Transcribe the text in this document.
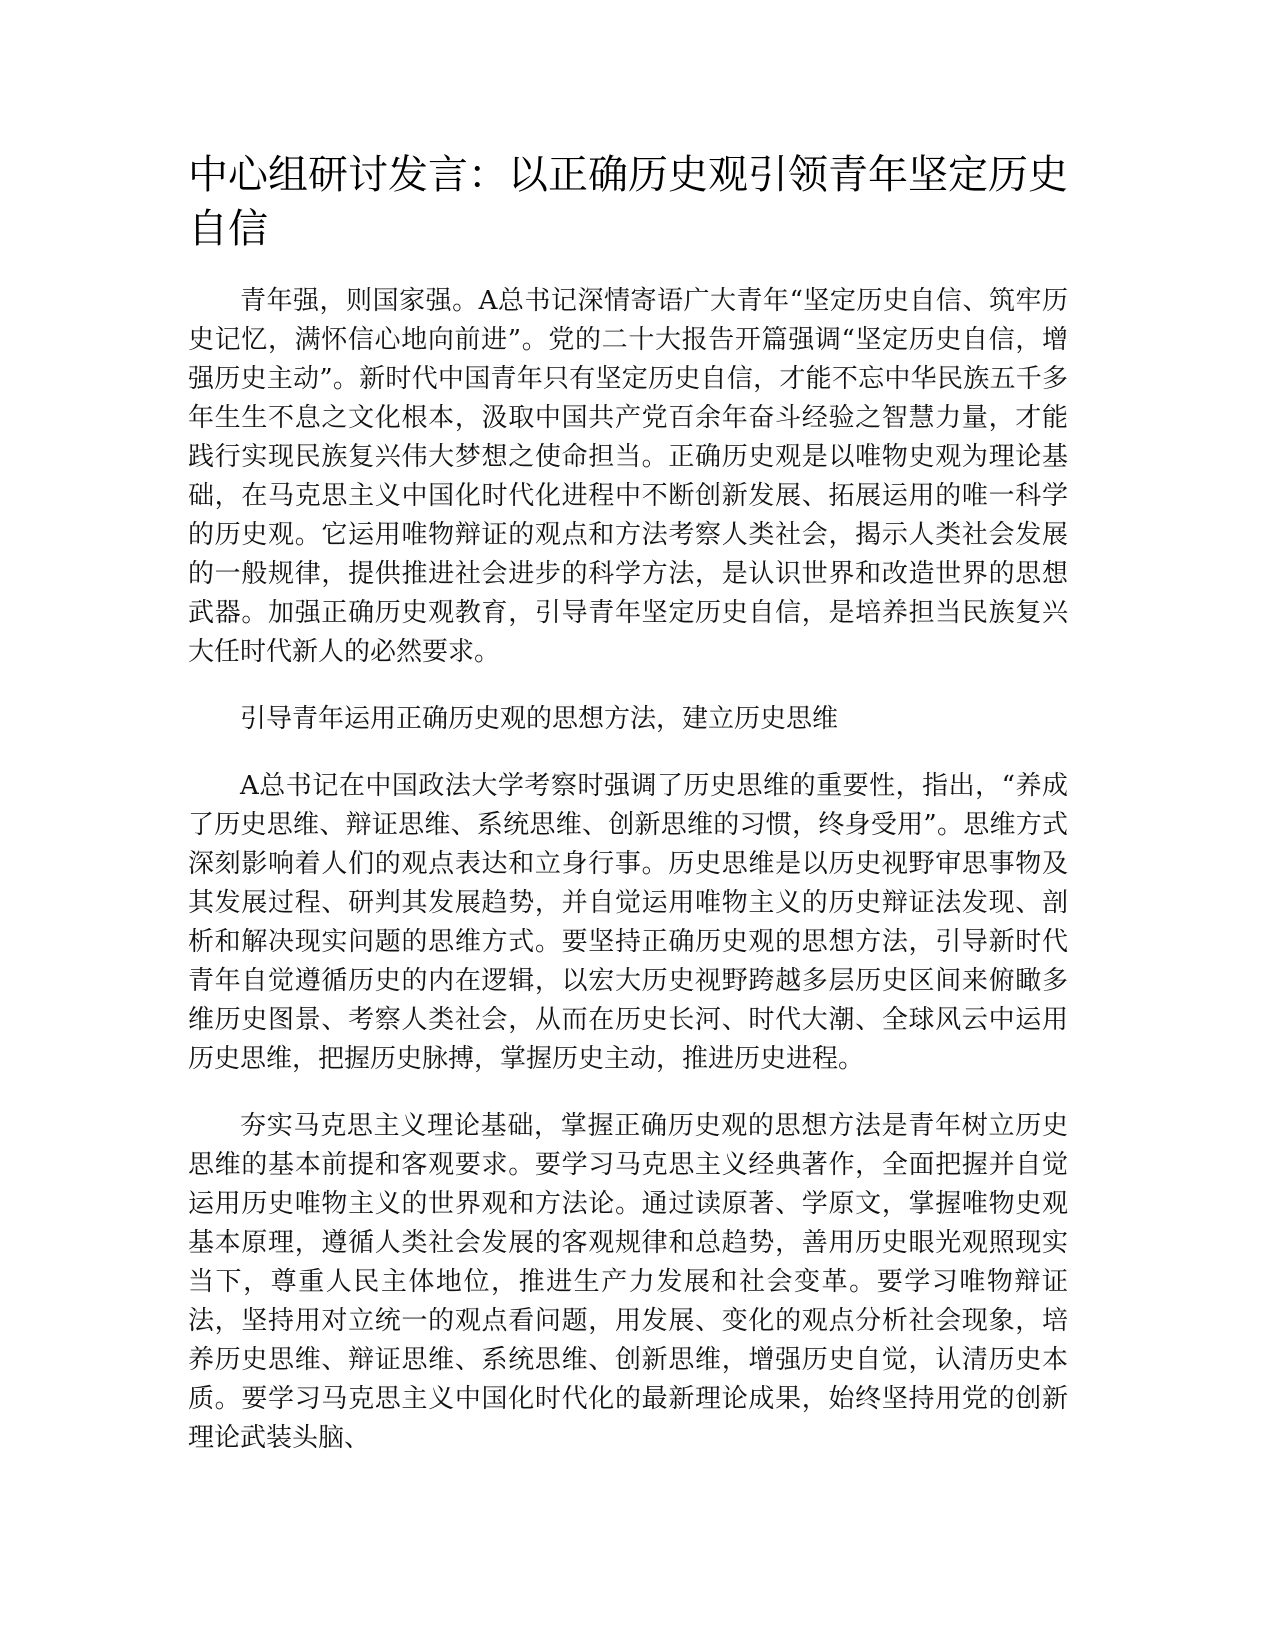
中心组研讨发言：以正确历史观引领青年坚定历史自信

青年强，则国家强。A总书记深情寄语广大青年“坚定历史自信、筑牢历史记忆，满怀信心地向前进”。党的二十大报告开篇强调“坚定历史自信，增强历史主动”。新时代中国青年只有坚定历史自信，才能不忘中华民族五千多年生生不息之文化根本，汲取中国共产党百余年奋斗经验之智慧力量，才能践行实现民族复兴伟大梦想之使命担当。正确历史观是以唯物史观为理论基础，在马克思主义中国化时代化进程中不断创新发展、拓展运用的唯一科学的历史观。它运用唯物辩证的观点和方法考察人类社会，揭示人类社会发展的一般规律，提供推进社会进步的科学方法，是认识世界和改造世界的思想武器。加强正确历史观教育，引导青年坚定历史自信，是培养担当民族复兴大任时代新人的必然要求。

引导青年运用正确历史观的思想方法，建立历史思维

A总书记在中国政法大学考察时强调了历史思维的重要性，指出，“养成了历史思维、辩证思维、系统思维、创新思维的习惯，终身受用”。思维方式深刻影响着人们的观点表达和立身行事。历史思维是以历史视野审思事物及其发展过程、研判其发展趋势，并自觉运用唯物主义的历史辩证法发现、剖析和解决现实问题的思维方式。要坚持正确历史观的思想方法，引导新时代青年自觉遵循历史的内在逻辑，以宏大历史视野跨越多层历史区间来俯瞰多维历史图景、考察人类社会，从而在历史长河、时代大潮、全球风云中运用历史思维，把握历史脉搏，掌握历史主动，推进历史进程。

夯实马克思主义理论基础，掌握正确历史观的思想方法是青年树立历史思维的基本前提和客观要求。要学习马克思主义经典著作，全面把握并自觉运用历史唯物主义的世界观和方法论。通过读原著、学原文，掌握唯物史观基本原理，遵循人类社会发展的客观规律和总趋势，善用历史眼光观照现实当下，尊重人民主体地位，推进生产力发展和社会变革。要学习唯物辩证法，坚持用对立统一的观点看问题，用发展、变化的观点分析社会现象，培养历史思维、辩证思维、系统思维、创新思维，增强历史自觉，认清历史本质。要学习马克思主义中国化时代化的最新理论成果，始终坚持用党的创新理论武装头脑、
